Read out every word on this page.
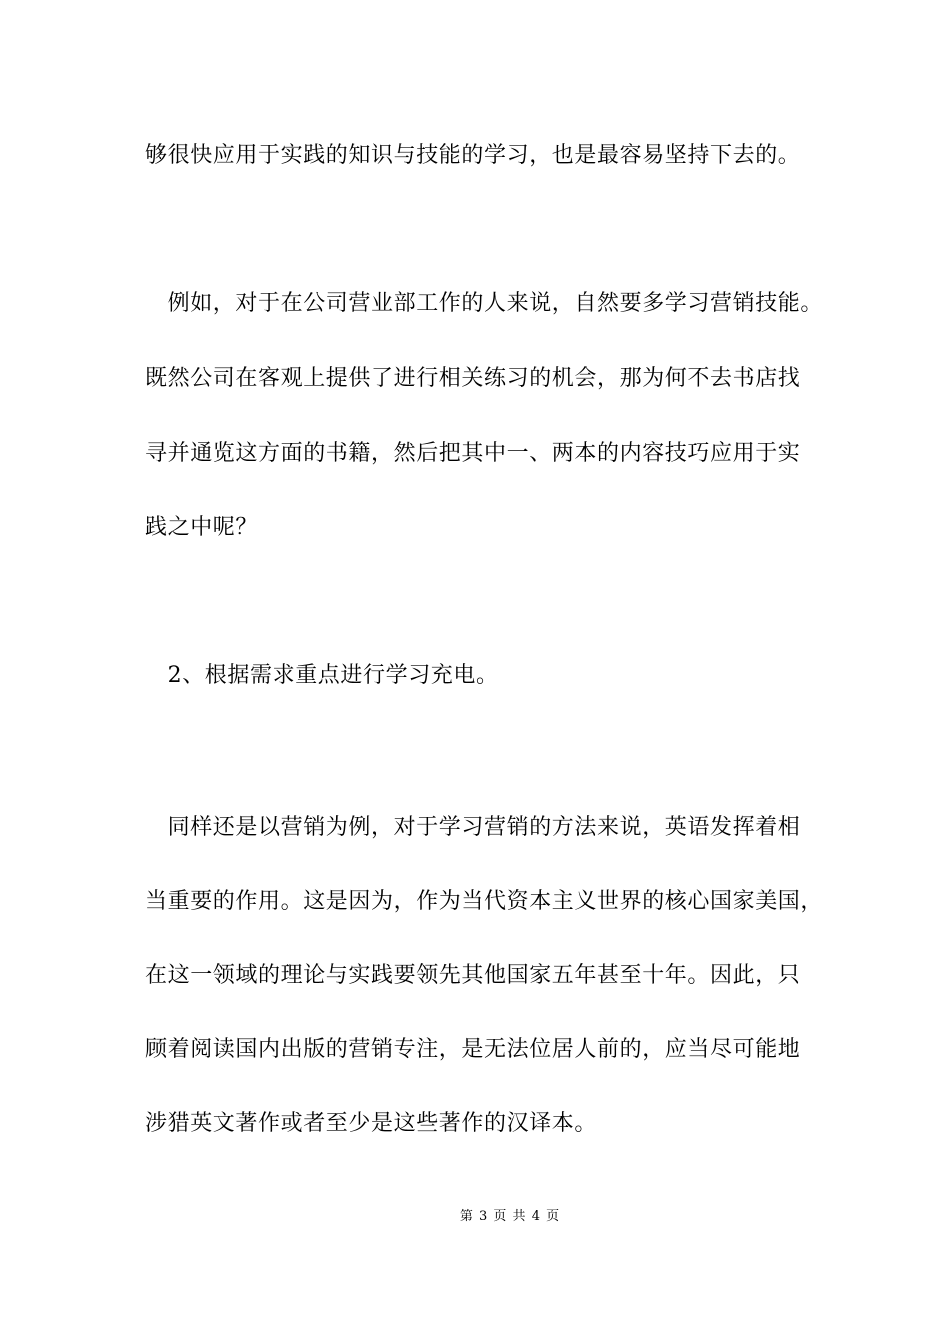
够很快应用于实践的知识与技能的学习，也是最容易坚持下去的。
　例如，对于在公司营业部工作的人来说，自然要多学习营销技能。
既然公司在客观上提供了进行相关练习的机会，那为何不去书店找
寻并通览这方面的书籍，然后把其中一、两本的内容技巧应用于实
践之中呢？
　2、根据需求重点进行学习充电。
　同样还是以营销为例，对于学习营销的方法来说，英语发挥着相
当重要的作用。这是因为，作为当代资本主义世界的核心国家美国，
在这一领域的理论与实践要领先其他国家五年甚至十年。因此，只
顾着阅读国内出版的营销专注，是无法位居人前的，应当尽可能地
涉猎英文著作或者至少是这些著作的汉译本。
第 3 页 共 4 页
